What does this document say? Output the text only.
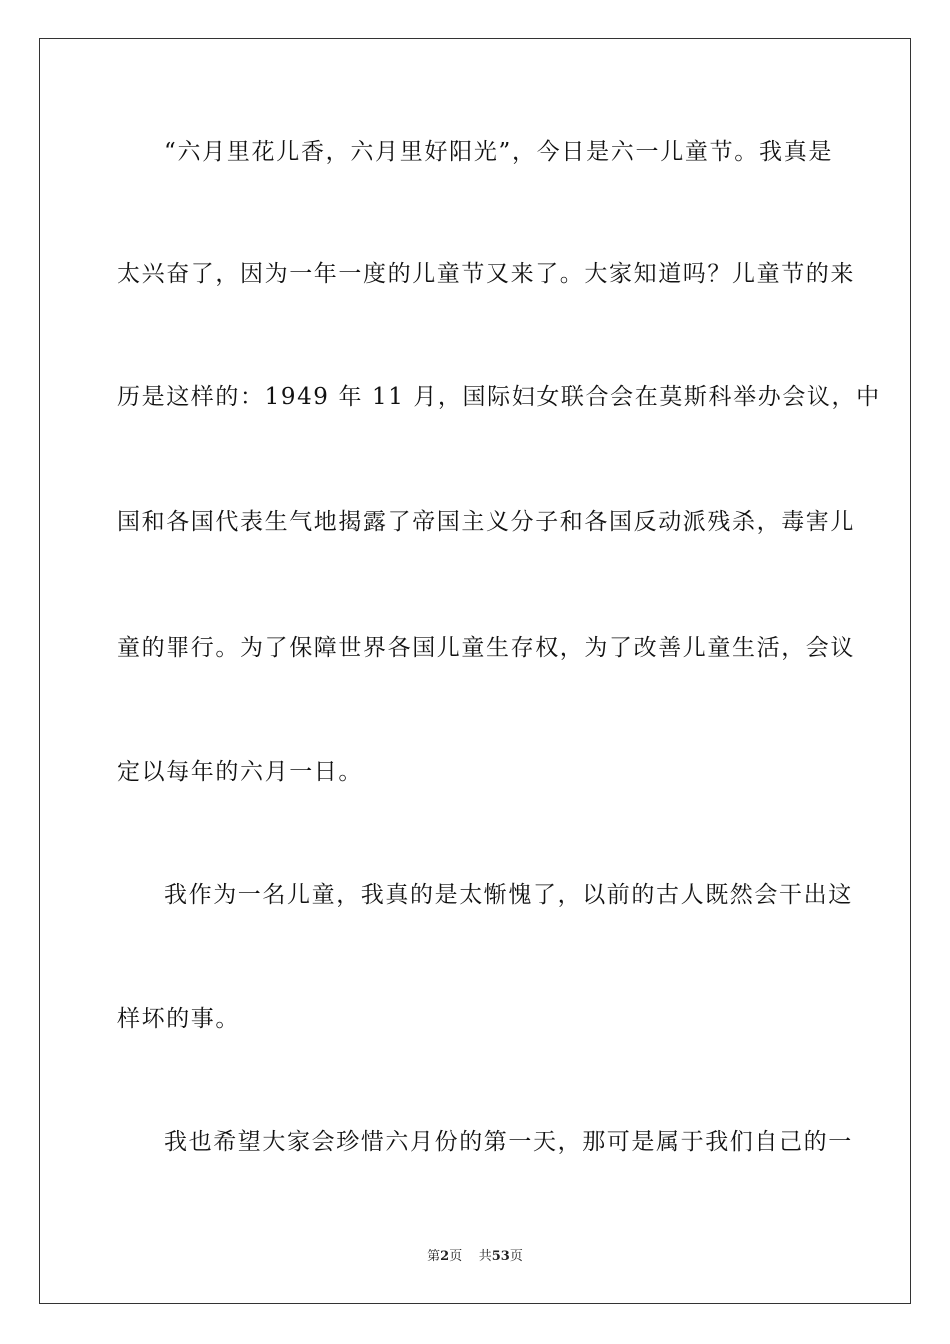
“六月里花儿香，六月里好阳光”，今日是六一儿童节。我真是
太兴奋了，因为一年一度的儿童节又来了。大家知道吗？儿童节的来
历是这样的：1949 年 11 月，国际妇女联合会在莫斯科举办会议，中
国和各国代表生气地揭露了帝国主义分子和各国反动派残杀，毒害儿
童的罪行。为了保障世界各国儿童生存权，为了改善儿童生活，会议
定以每年的六月一日。
我作为一名儿童，我真的是太惭愧了，以前的古人既然会干出这
样坏的事。
我也希望大家会珍惜六月份的第一天，那可是属于我们自己的一
第2页 共53页
